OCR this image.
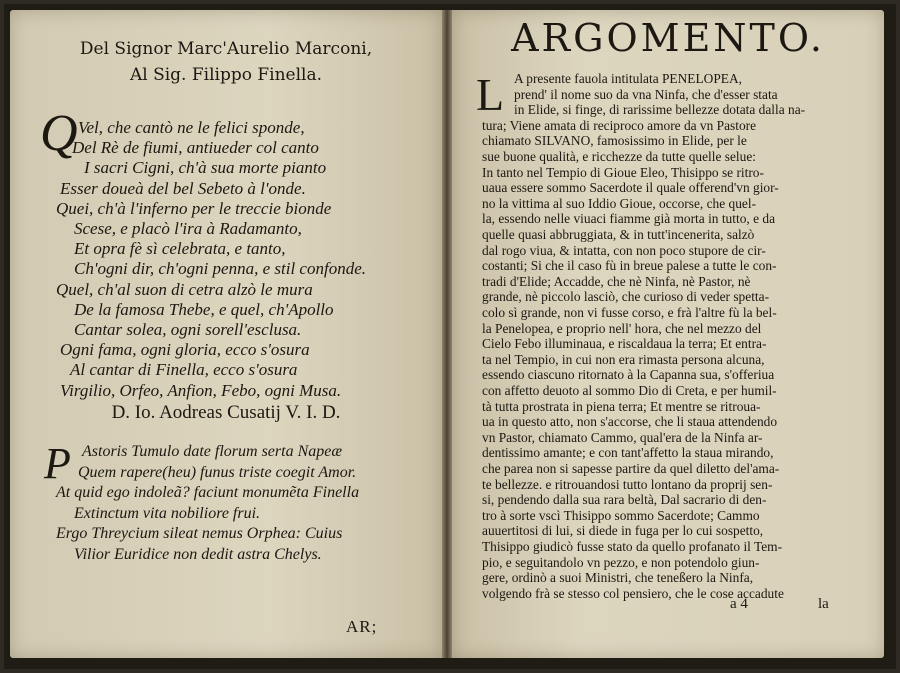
Del Signor Marc'Aurelio Marconi,
Al Sig. Filippo Finella.
Q Vel, che cantò ne le felici sponde,
Del Rè de fiumi, antiueder col canto
I sacri Cigni, ch'à sua morte pianto
Esser doueà del bel Sebeto à l'onde.
Quei, ch'à l'inferno per le treccie bionde
Scese, e placò l'ira à Radamanto,
Et opra fè sì celebrata, e tanto,
Ch'ogni dir, ch'ogni penna, e stil confonde.
Quel, ch'al suon di cetra alzò le mura
De la famosa Thebe, e quel, ch'Apollo
Cantar solea, ogni sorell'esclusa.
Ogni fama, ogni gloria, ecco s'osura
Al cantar di Finella, ecco s'osura
Virgilio, Orfeo, Anfion, Febo, ogni Musa.
D. Io. Aodreas Cusatij V. I. D.
P Astoris Tumulo date florum serta Napeæ
Quem rapere(heu) funus triste coegit Amor.
At quid ego indoleã? faciunt monumẽta Finella
Extinctum vita nobiliore frui.
Ergo Threycium sileat nemus Orphea: Cuius
Vilior Euridice non dedit astra Chelys.
AR;
ARGOMENTO.
L A presente fauola intitulata PENELOPEA,
prend' il nome suo da vna Ninfa, che d'esser stata
in Elide, si finge, di rarissime bellezze dotata dalla na-
tura; Viene amata di reciproco amore da vn Pastore
chiamato SILVANO, famosissimo in Elide, per le
sue buone qualità, e ricchezze da tutte quelle selue:
In tanto nel Tempio di Gioue Eleo, Thisippo se ritro-
uaua essere sommo Sacerdote il quale offerend'vn gior-
no la vittima al suo Iddio Gioue, occorse, che quel-
la, essendo nelle viuaci fiamme già morta in tutto, e da
quelle quasi abbruggiata, & in tutt'incenerita, salzò
dal rogo viua, & intatta, con non poco stupore de cir-
costanti; Si che il caso fù in breue palese a tutte le con-
tradi d'Elide; Accadde, che nè Ninfa, nè Pastor, nè
grande, nè piccolo lasciò, che curioso di veder spetta-
colo sì grande, non vi fusse corso, e frà l'altre fù la bel-
la Penelopea, e proprio nell' hora, che nel mezzo del
Cielo Febo illuminaua, e riscaldaua la terra; Et entra-
ta nel Tempio, in cui non era rimasta persona alcuna,
essendo ciascuno ritornato à la Capanna sua, s'offeriua
con affetto deuoto al sommo Dio di Creta, e per humil-
tà tutta prostrata in piena terra; Et mentre se ritroua-
ua in questo atto, non s'accorse, che li staua attendendo
vn Pastor, chiamato Cammo, qual'era de la Ninfa ar-
dentissimo amante; e con tant'affetto la staua mirando,
che parea non si sapesse partire da quel diletto del'ama-
te bellezze. e ritrouandosi tutto lontano da proprij sen-
si, pendendo dalla sua rara beltà, Dal sacrario di den-
tro à sorte vscì Thisippo sommo Sacerdote; Cammo
auuertitosi di lui, si diede in fuga per lo cui sospetto,
Thisippo giudicò fusse stato da quello profanato il Tem-
pio, e seguitandolo vn pezzo, e non potendolo giun-
gere, ordinò a suoi Ministri, che teneßero la Ninfa,
volgendo frà se stesso col pensiero, che le cose accadute
a 4	la
